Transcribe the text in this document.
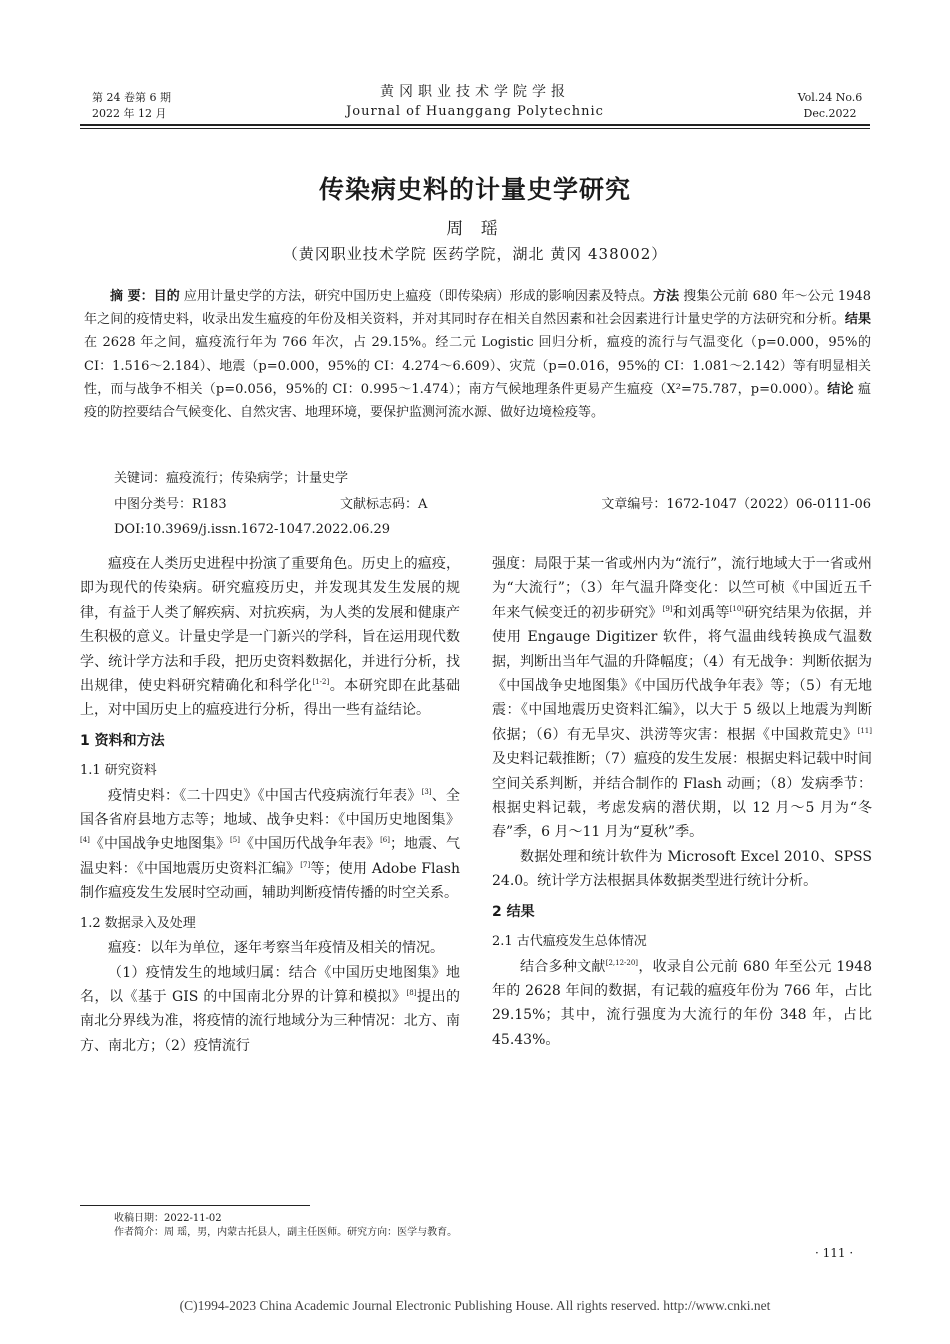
第 24 卷第 6 期
2022 年 12 月
黄冈职业技术学院学报
Journal of Huanggang Polytechnic
Vol.24 No.6
Dec.2022
传染病史料的计量史学研究
周 瑶
（黄冈职业技术学院 医药学院，湖北 黄冈 438002）
摘 要：目的 应用计量史学的方法，研究中国历史上瘟疫（即传染病）形成的影响因素及特点。方法 搜集公元前 680 年～公元 1948 年之间的疫情史料，收录出发生瘟疫的年份及相关资料，并对其同时存在相关自然因素和社会因素进行计量史学的方法研究和分析。结果 在 2628 年之间，瘟疫流行年为 766 年次，占 29.15%。经二元 Logistic 回归分析，瘟疫的流行与气温变化（p=0.000，95%的 CI：1.516～2.184）、地震（p=0.000，95%的 CI：4.274～6.609）、灾荒（p=0.016，95%的 CI：1.081～2.142）等有明显相关性，而与战争不相关（p=0.056，95%的 CI：0.995～1.474）；南方气候地理条件更易产生瘟疫（X²=75.787，p=0.000）。结论 瘟疫的防控要结合气候变化、自然灾害、地理环境，要保护监测河流水源、做好边境检疫等。
关键词：瘟疫流行；传染病学；计量史学
中图分类号：R183	文献标志码：A	文章编号：1672-1047（2022）06-0111-06
DOI:10.3969/j.issn.1672-1047.2022.06.29

瘟疫在人类历史进程中扮演了重要角色。历史上的瘟疫，即为现代的传染病。研究瘟疫历史，并发现其发生发展的规律，有益于人类了解疾病、对抗疾病，为人类的发展和健康产生积极的意义。计量史学是一门新兴的学科，旨在运用现代数学、统计学方法和手段，把历史资料数据化，并进行分析，找出规律，使史料研究精确化和科学化[1-2]。本研究即在此基础上，对中国历史上的瘟疫进行分析，得出一些有益结论。

1 资料和方法
1.1 研究资料

疫情史料：《二十四史》《中国古代疫病流行年表》[3]、全国各省府县地方志等；地域、战争史料：《中国历史地图集》[4]《中国战争史地图集》[5]《中国历代战争年表》[6]；地震、气温史料：《中国地震历史资料汇编》[7]等；使用 Adobe Flash 制作瘟疫发生发展时空动画，辅助判断疫情传播的时空关系。

1.2 数据录入及处理

瘟疫：以年为单位，逐年考察当年疫情及相关的情况。

（1）疫情发生的地域归属：结合《中国历史地图集》地名，以《基于 GIS 的中国南北分界的计算和模拟》[8]提出的南北分界线为准，将疫情的流行地域分为三种情况：北方、南方、南北方；（2）疫情流行

强度：局限于某一省或州内为“流行”，流行地域大于一省或州为“大流行”；（3）年气温升降变化：以竺可桢《中国近五千年来气候变迁的初步研究》[9]和刘禹等[10]研究结果为依据，并使用 Engauge Digitizer 软件，将气温曲线转换成气温数据，判断出当年气温的升降幅度；（4）有无战争：判断依据为《中国战争史地图集》《中国历代战争年表》等；（5）有无地震：《中国地震历史资料汇编》，以大于 5 级以上地震为判断依据；（6）有无旱灾、洪涝等灾害：根据《中国救荒史》[11]及史料记载推断；（7）瘟疫的发生发展：根据史料记载中时间空间关系判断，并结合制作的 Flash 动画；（8）发病季节：根据史料记载，考虑发病的潜伏期，以 12 月～5 月为“冬春”季，6 月～11 月为“夏秋”季。

数据处理和统计软件为 Microsoft Excel 2010、SPSS 24.0。统计学方法根据具体数据类型进行统计分析。

2 结果
2.1 古代瘟疫发生总体情况

结合多种文献[2,12-20]，收录自公元前 680 年至公元 1948 年的 2628 年间的数据，有记载的瘟疫年份为 766 年，占比 29.15%；其中，流行强度为大流行的年份 348 年，占比 45.43%。

收稿日期：2022-11-02
作者简介：周 瑶，男，内蒙古托县人，副主任医师。研究方向：医学与教育。
· 111 ·
(C)1994-2023 China Academic Journal Electronic Publishing House. All rights reserved. http://www.cnki.net
